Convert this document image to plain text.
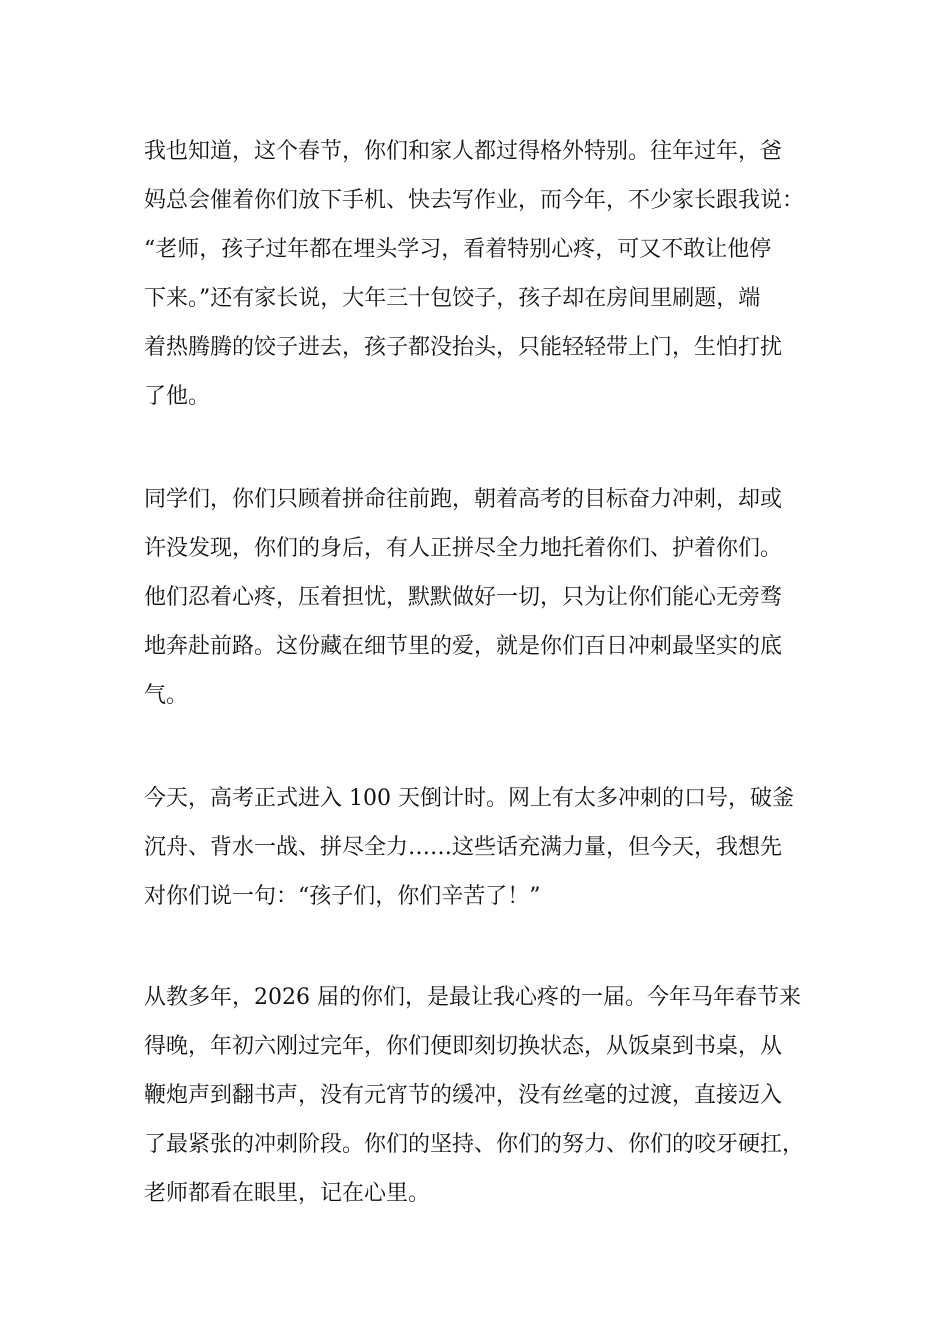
我也知道，这个春节，你们和家人都过得格外特别。往年过年，爸
妈总会催着你们放下手机、快去写作业，而今年，不少家长跟我说：
“老师，孩子过年都在埋头学习，看着特别心疼，可又不敢让他停
下来。”还有家长说，大年三十包饺子，孩子却在房间里刷题，端
着热腾腾的饺子进去，孩子都没抬头，只能轻轻带上门，生怕打扰
了他。
同学们，你们只顾着拼命往前跑，朝着高考的目标奋力冲刺，却或
许没发现，你们的身后，有人正拼尽全力地托着你们、护着你们。
他们忍着心疼，压着担忧，默默做好一切，只为让你们能心无旁骛
地奔赴前路。这份藏在细节里的爱，就是你们百日冲刺最坚实的底
气。
今天，高考正式进入 100 天倒计时。网上有太多冲刺的口号，破釜
沉舟、背水一战、拼尽全力……这些话充满力量，但今天，我想先
对你们说一句：“孩子们，你们辛苦了！”
从教多年，2026 届的你们，是最让我心疼的一届。今年马年春节来
得晚，年初六刚过完年，你们便即刻切换状态，从饭桌到书桌，从
鞭炮声到翻书声，没有元宵节的缓冲，没有丝毫的过渡，直接迈入
了最紧张的冲刺阶段。你们的坚持、你们的努力、你们的咬牙硬扛，
老师都看在眼里，记在心里。
